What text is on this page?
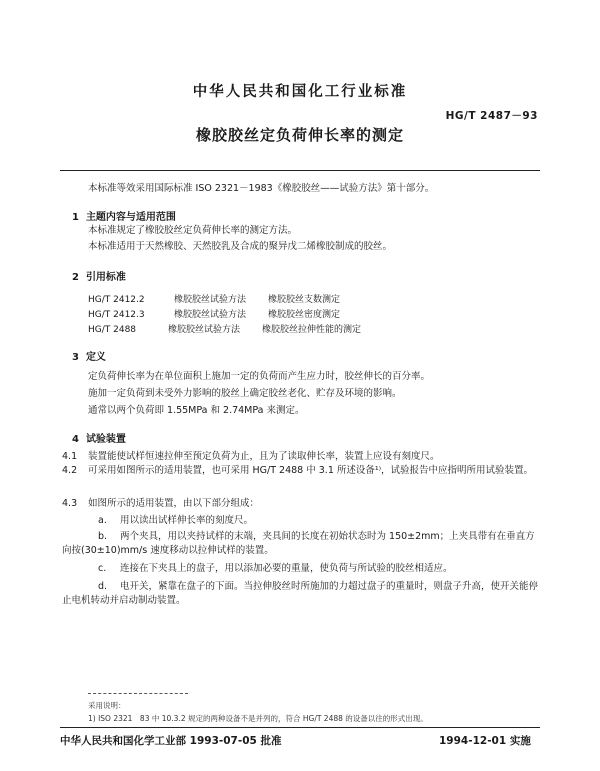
中华人民共和国化工行业标准
HG/T 2487－93
橡胶胶丝定负荷伸长率的测定
本标准等效采用国际标准 ISO 2321－1983《橡胶胶丝——试验方法》第十部分。
1 主题内容与适用范围
本标准规定了橡胶胶丝定负荷伸长率的测定方法。
本标准适用于天然橡胶、天然胶乳及合成的聚异戊二烯橡胶制成的胶丝。
2 引用标准
HG/T 2412.2	橡胶胶丝试验方法 橡胶胶丝支数测定
HG/T 2412.3	橡胶胶丝试验方法 橡胶胶丝密度测定
HG/T 2488	橡胶胶丝试验方法 橡胶胶丝拉伸性能的测定
3 定义
定负荷伸长率为在单位面积上施加一定的负荷而产生应力时，胶丝伸长的百分率。
施加一定负荷到未受外力影响的胶丝上确定胶丝老化、贮存及环境的影响。
通常以两个负荷即 1.55MPa 和 2.74MPa 来测定。
4 试验装置
4.1 装置能使试样恒速拉伸至预定负荷为止，且为了读取伸长率，装置上应设有刻度尺。
4.2	可采用如图所示的适用装置，也可采用 HG/T 2488 中 3.1 所述设备¹⁾，试验报告中应指明所用试验装置。
4.3 如图所示的适用装置，由以下部分组成：
a. 用以读出试样伸长率的刻度尺。
b.	两个夹具，用以夹持试样的末端，夹具间的长度在初始状态时为 150±2mm；上夹具带有在垂直方向按(30±10)mm/s 速度移动以拉伸试样的装置。
c. 连接在下夹具上的盘子，用以添加必要的重量，使负荷与所试验的胶丝相适应。
d.	电开关，紧靠在盘子的下面。当拉伸胶丝时所施加的力超过盘子的重量时，则盘子升高，使开关能停止电机转动并启动制动装置。
采用说明：
1) ISO 2321　83 中 10.3.2 规定的两种设备不是并列的，符合 HG/T 2488 的设备以往的形式出现。
中华人民共和国化学工业部 1993-07-05 批准	1994-12-01 实施
